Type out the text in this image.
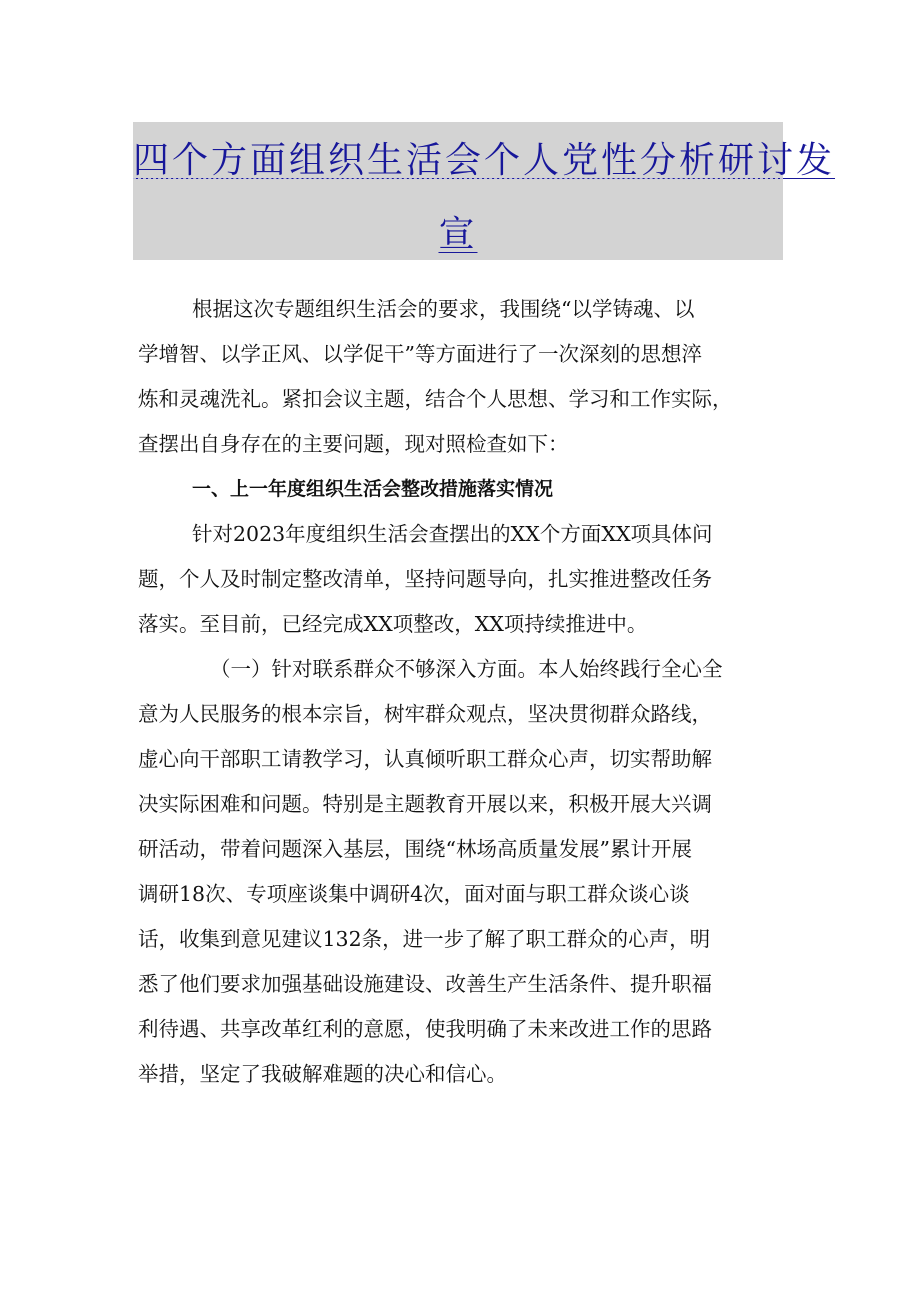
四个方面组织生活会个人党性分析研讨发
宣
根据这次专题组织生活会的要求，我围绕“以学铸魂、以
学增智、以学正风、以学促干”等方面进行了一次深刻的思想淬
炼和灵魂洗礼。紧扣会议主题，结合个人思想、学习和工作实际，
查摆出自身存在的主要问题，现对照检查如下：
一、上一年度组织生活会整改措施落实情况
针对2023年度组织生活会查摆出的XX个方面XX项具体问
题，个人及时制定整改清单，坚持问题导向，扎实推进整改任务
落实。至目前，已经完成XX项整改，XX项持续推进中。
（一）针对联系群众不够深入方面。本人始终践行全心全
意为人民服务的根本宗旨，树牢群众观点，坚决贯彻群众路线，
虚心向干部职工请教学习，认真倾听职工群众心声，切实帮助解
决实际困难和问题。特别是主题教育开展以来，积极开展大兴调
研活动，带着问题深入基层，围绕“林场高质量发展”累计开展
调研18次、专项座谈集中调研4次，面对面与职工群众谈心谈
话，收集到意见建议132条，进一步了解了职工群众的心声，明
悉了他们要求加强基础设施建设、改善生产生活条件、提升职福
利待遇、共享改革红利的意愿，使我明确了未来改进工作的思路
举措，坚定了我破解难题的决心和信心。
